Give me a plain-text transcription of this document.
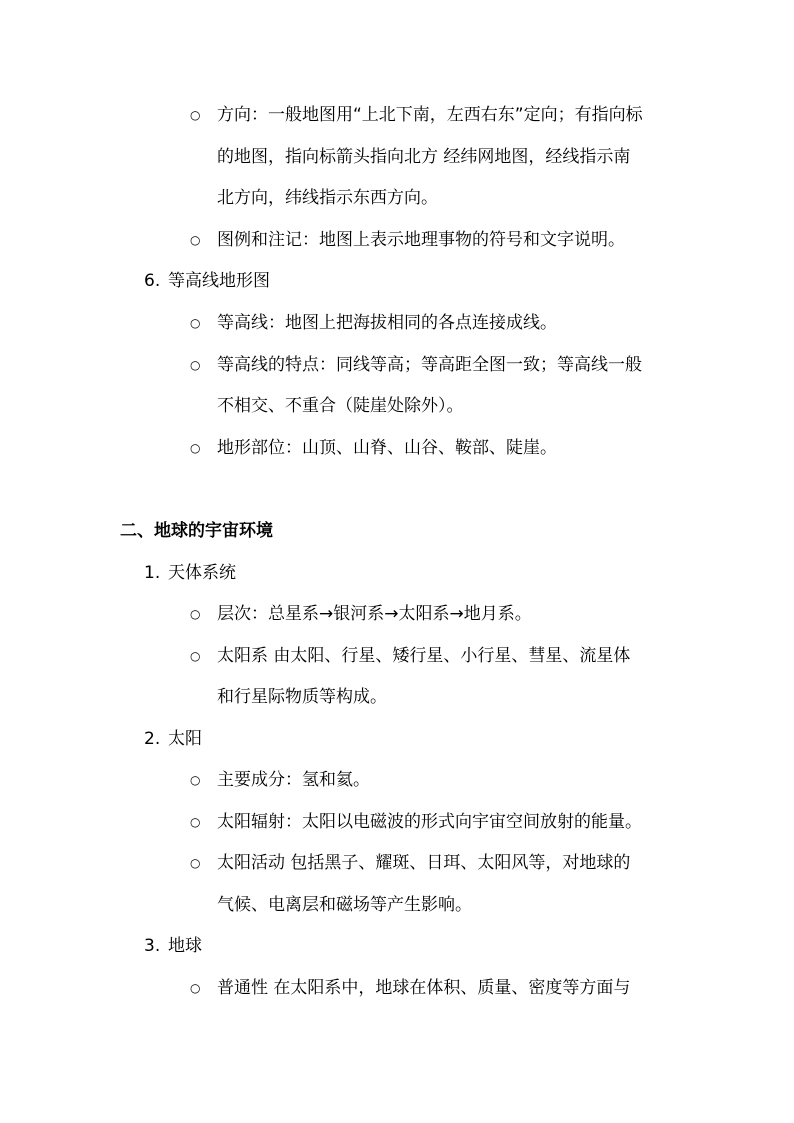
○ 方向：一般地图用“上北下南，左西右东”定向；有指向标
的地图，指向标箭头指向北方 经纬网地图，经线指示南
北方向，纬线指示东西方向。
○ 图例和注记：地图上表示地理事物的符号和文字说明。
6. 等高线地形图
○ 等高线：地图上把海拔相同的各点连接成线。
○ 等高线的特点：同线等高；等高距全图一致；等高线一般
不相交、不重合（陡崖处除外）。
○ 地形部位：山顶、山脊、山谷、鞍部、陡崖。
二、地球的宇宙环境
1. 天体系统
○ 层次：总星系→银河系→太阳系→地月系。
○ 太阳系 由太阳、行星、矮行星、小行星、彗星、流星体
和行星际物质等构成。
2. 太阳
○ 主要成分：氢和氦。
○ 太阳辐射：太阳以电磁波的形式向宇宙空间放射的能量。
○ 太阳活动 包括黑子、耀斑、日珥、太阳风等，对地球的
气候、电离层和磁场等产生影响。
3. 地球
○ 普通性 在太阳系中，地球在体积、质量、密度等方面与
